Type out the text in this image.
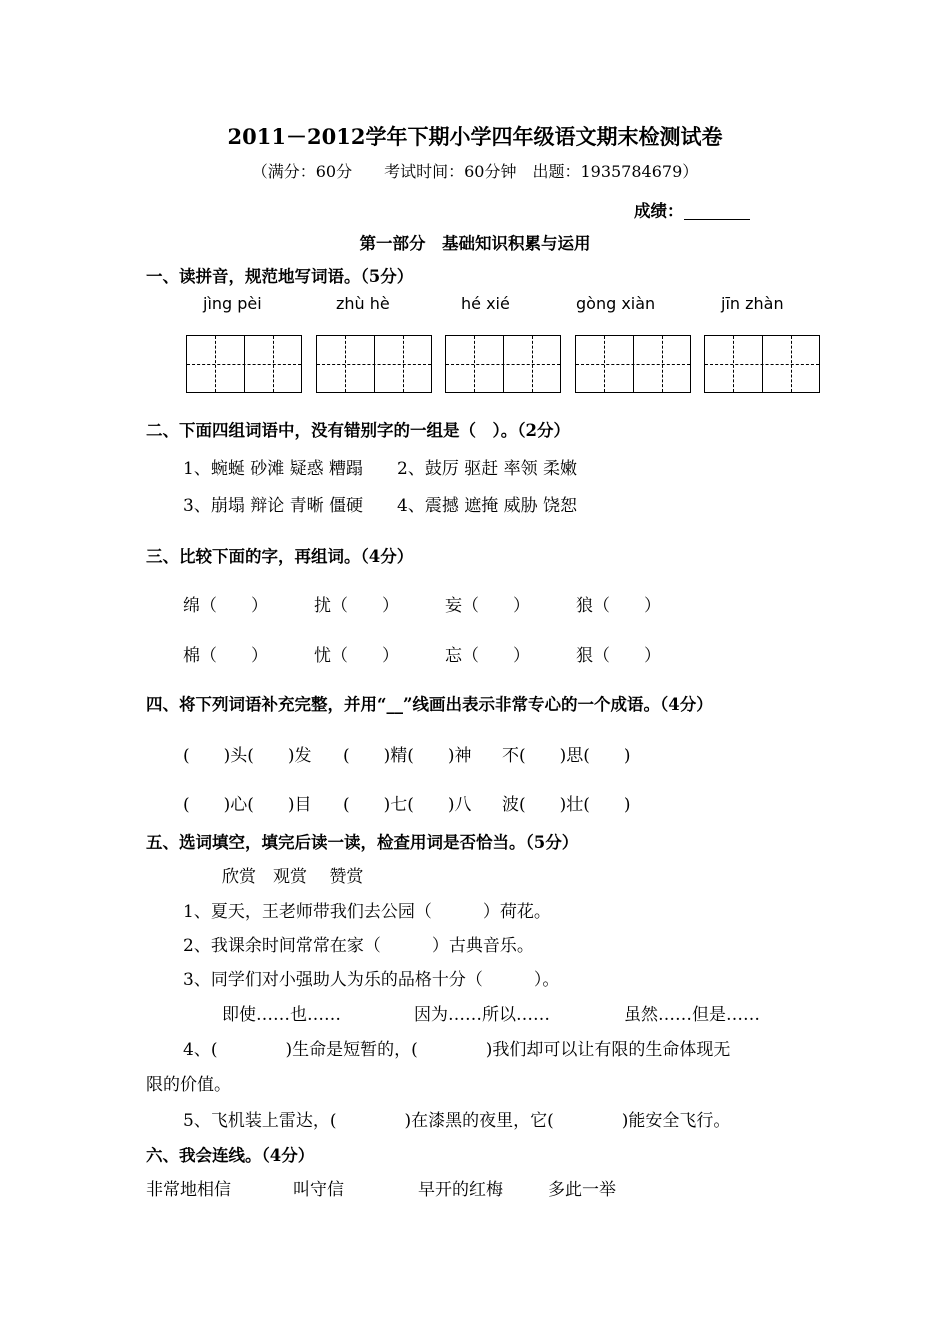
2011－2012学年下期小学四年级语文期末检测试卷
（满分：60分　　考试时间：60分钟　出题：1935784679）
成绩：
第一部分　基础知识积累与运用
一、读拼音，规范地写词语。（5分）
jìng pèi	zhù hè	hé xié	gòng xiàn	jīn zhàn
二、下面四组词语中，没有错别字的一组是（　）。（2分）
1、蜿蜒 砂滩 疑惑 糟蹋　　2、鼓厉 驱赶 率领 柔嫩
3、崩塌 辩论 青晰 僵硬　　4、震撼 遮掩 威胁 饶恕
三、比较下面的字，再组词。（4分）
绵（　　）	扰（　　）	妄（　　）	狼（　　）
棉（　　）	忧（　　）	忘（　　）	狠（　　）
四、将下列词语补充完整，并用“__”线画出表示非常专心的一个成语。（4分）
(　　)头(　　)发 (　　)精(　　)神 不(　　)思(　　)
(　　)心(　　)目 (　　)七(　　)八 波(　　)壮(　　)
五、选词填空，填完后读一读，检查用词是否恰当。（5分）
欣赏　观赏　 赞赏
1、夏天，王老师带我们去公园（　　　）荷花。
2、我课余时间常常在家（　　　）古典音乐。
3、同学们对小强助人为乐的品格十分（　　　）。
即使……也……	因为……所以……	虽然……但是……
4、(　　　　)生命是短暂的，(　　　　)我们却可以让有限的生命体现无
限的价值。
5、飞机装上雷达，(　　　　)在漆黑的夜里，它(　　　　)能安全飞行。
六、我会连线。（4分）
非常地相信	叫守信	早开的红梅	多此一举
